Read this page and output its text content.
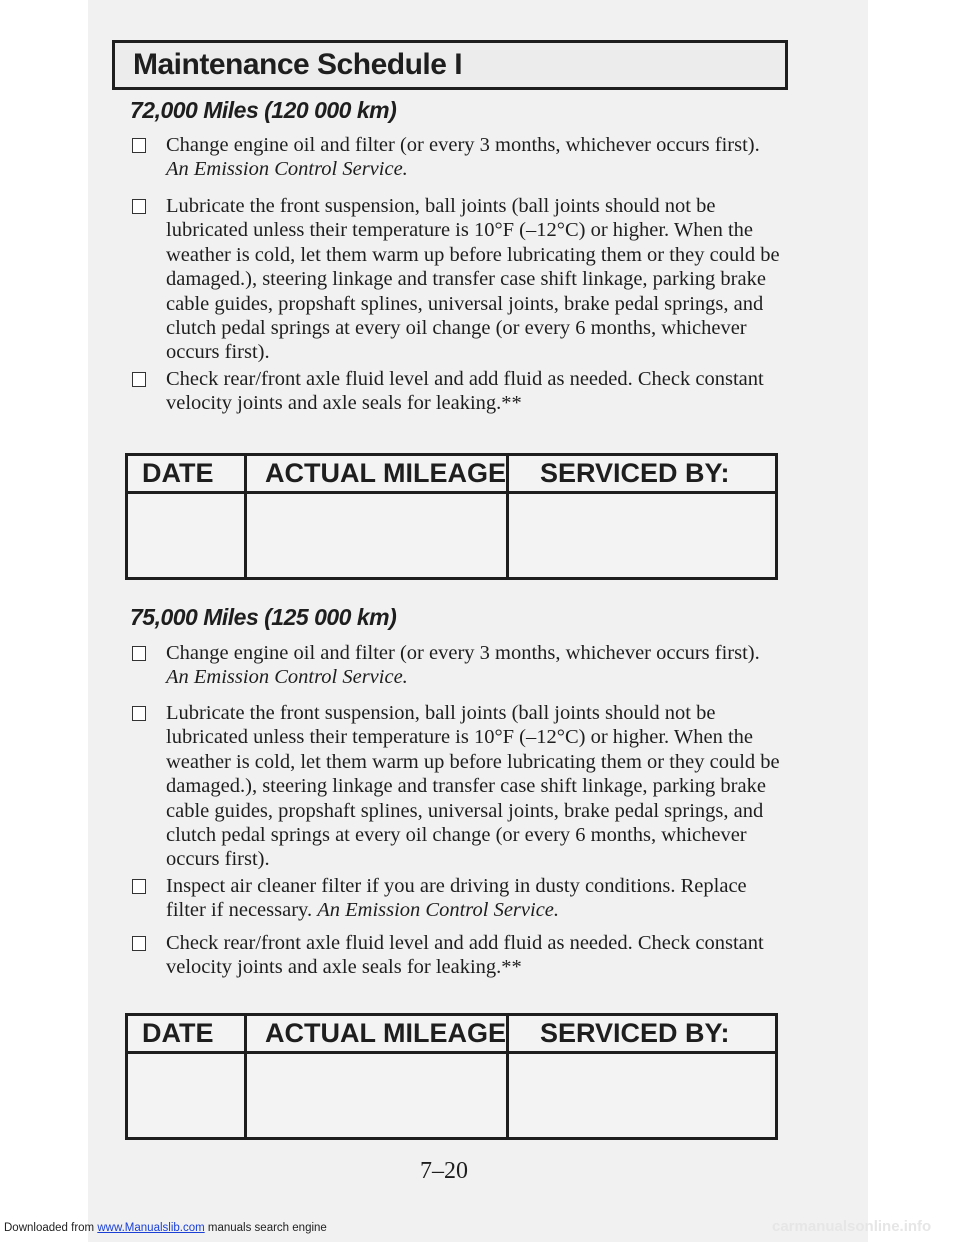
Maintenance Schedule I
72,000 Miles (120 000 km)
Change engine oil and filter (or every 3 months, whichever occurs first). An Emission Control Service.
Lubricate the front suspension, ball joints (ball joints should not be lubricated unless their temperature is 10°F (–12°C) or higher. When the weather is cold, let them warm up before lubricating them or they could be damaged.), steering linkage and transfer case shift linkage, parking brake cable guides, propshaft splines, universal joints, brake pedal springs, and clutch pedal springs at every oil change (or every 6 months, whichever occurs first).
Check rear/front axle fluid level and add fluid as needed. Check constant velocity joints and axle seals for leaking.**
DATE ACTUAL MILEAGE SERVICED BY:
75,000 Miles (125 000 km)
Change engine oil and filter (or every 3 months, whichever occurs first). An Emission Control Service.
Lubricate the front suspension, ball joints (ball joints should not be lubricated unless their temperature is 10°F (–12°C) or higher. When the weather is cold, let them warm up before lubricating them or they could be damaged.), steering linkage and transfer case shift linkage, parking brake cable guides, propshaft splines, universal joints, brake pedal springs, and clutch pedal springs at every oil change (or every 6 months, whichever occurs first).
Inspect air cleaner filter if you are driving in dusty conditions. Replace filter if necessary. An Emission Control Service.
Check rear/front axle fluid level and add fluid as needed. Check constant velocity joints and axle seals for leaking.**
DATE ACTUAL MILEAGE SERVICED BY:
7–20
Downloaded from www.Manualslib.com manuals search engine	carmanualsonline.info
